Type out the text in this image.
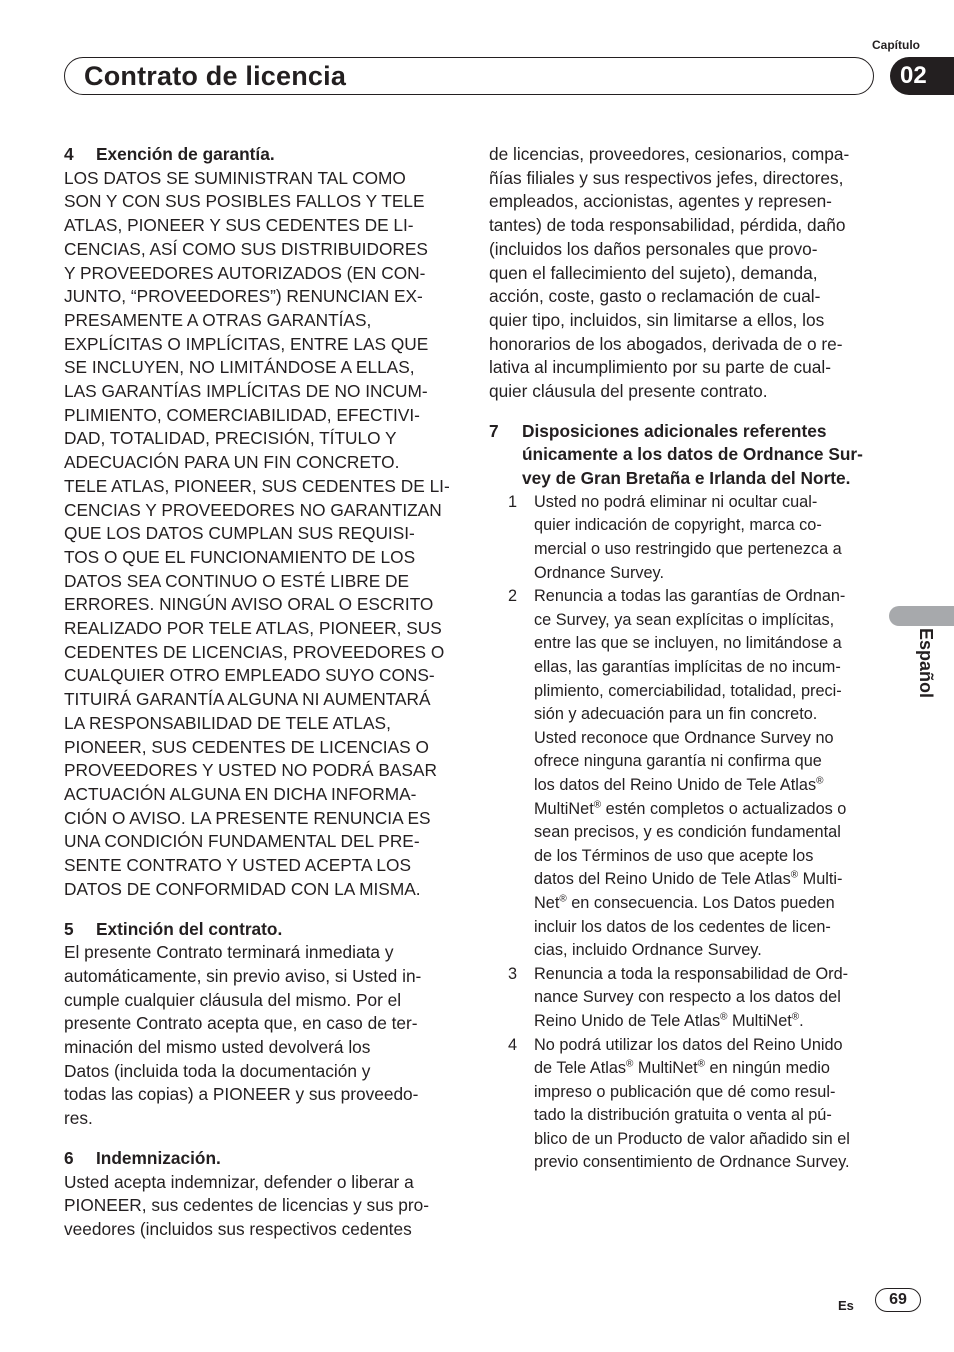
Contrato de licencia
Capítulo
02
Español

4 Exención de garantía.

LOS DATOS SE SUMINISTRAN TAL COMO
SON Y CON SUS POSIBLES FALLOS Y TELE
ATLAS, PIONEER Y SUS CEDENTES DE LI-
CENCIAS, ASÍ COMO SUS DISTRIBUIDORES
Y PROVEEDORES AUTORIZADOS (EN CON-
JUNTO, “PROVEEDORES”) RENUNCIAN EX-
PRESAMENTE A OTRAS GARANTÍAS,
EXPLÍCITAS O IMPLÍCITAS, ENTRE LAS QUE
SE INCLUYEN, NO LIMITÁNDOSE A ELLAS,
LAS GARANTÍAS IMPLÍCITAS DE NO INCUM-
PLIMIENTO, COMERCIABILIDAD, EFECTIVI-
DAD, TOTALIDAD, PRECISIÓN, TÍTULO Y
ADECUACIÓN PARA UN FIN CONCRETO.
TELE ATLAS, PIONEER, SUS CEDENTES DE LI-
CENCIAS Y PROVEEDORES NO GARANTIZAN
QUE LOS DATOS CUMPLAN SUS REQUISI-
TOS O QUE EL FUNCIONAMIENTO DE LOS
DATOS SEA CONTINUO O ESTÉ LIBRE DE
ERRORES. NINGÚN AVISO ORAL O ESCRITO
REALIZADO POR TELE ATLAS, PIONEER, SUS
CEDENTES DE LICENCIAS, PROVEEDORES O
CUALQUIER OTRO EMPLEADO SUYO CONS-
TITUIRÁ GARANTÍA ALGUNA NI AUMENTARÁ
LA RESPONSABILIDAD DE TELE ATLAS,
PIONEER, SUS CEDENTES DE LICENCIAS O
PROVEEDORES Y USTED NO PODRÁ BASAR
ACTUACIÓN ALGUNA EN DICHA INFORMA-
CIÓN O AVISO. LA PRESENTE RENUNCIA ES
UNA CONDICIÓN FUNDAMENTAL DEL PRE-
SENTE CONTRATO Y USTED ACEPTA LOS
DATOS DE CONFORMIDAD CON LA MISMA.

5 Extinción del contrato.

El presente Contrato terminará inmediata y
automáticamente, sin previo aviso, si Usted in-
cumple cualquier cláusula del mismo. Por el
presente Contrato acepta que, en caso de ter-
minación del mismo usted devolverá los
Datos (incluida toda la documentación y
todas las copias) a PIONEER y sus proveedo-
res.

6 Indemnización.

Usted acepta indemnizar, defender o liberar a
PIONEER, sus cedentes de licencias y sus pro-
veedores (incluidos sus respectivos cedentes
de licencias, proveedores, cesionarios, compa-
ñías filiales y sus respectivos jefes, directores,
empleados, accionistas, agentes y represen-
tantes) de toda responsabilidad, pérdida, daño
(incluidos los daños personales que provo-
quen el fallecimiento del sujeto), demanda,
acción, coste, gasto o reclamación de cual-
quier tipo, incluidos, sin limitarse a ellos, los
honorarios de los abogados, derivada de o re-
lativa al incumplimiento por su parte de cual-
quier cláusula del presente contrato.
7	Disposiciones adicionales referentes
únicamente a los datos de Ordnance Sur-
vey de Gran Bretaña e Irlanda del Norte.
1 Usted no podrá eliminar ni ocultar cual-
quier indicación de copyright, marca co-
mercial o uso restringido que pertenezca a
Ordnance Survey.
2 Renuncia a todas las garantías de Ordnan-
ce Survey, ya sean explícitas o implícitas,
entre las que se incluyen, no limitándose a
ellas, las garantías implícitas de no incum-
plimiento, comerciabilidad, totalidad, preci-
sión y adecuación para un fin concreto.
Usted reconoce que Ordnance Survey no
ofrece ninguna garantía ni confirma que
los datos del Reino Unido de Tele Atlas®
MultiNet® estén completos o actualizados o
sean precisos, y es condición fundamental
de los Términos de uso que acepte los
datos del Reino Unido de Tele Atlas® Multi-
Net® en consecuencia. Los Datos pueden
incluir los datos de los cedentes de licen-
cias, incluido Ordnance Survey.
3 Renuncia a toda la responsabilidad de Ord-
nance Survey con respecto a los datos del
Reino Unido de Tele Atlas® MultiNet®.
4 No podrá utilizar los datos del Reino Unido
de Tele Atlas® MultiNet® en ningún medio
impreso o publicación que dé como resul-
tado la distribución gratuita o venta al pú-
blico de un Producto de valor añadido sin el
previo consentimiento de Ordnance Survey.
Es	69
